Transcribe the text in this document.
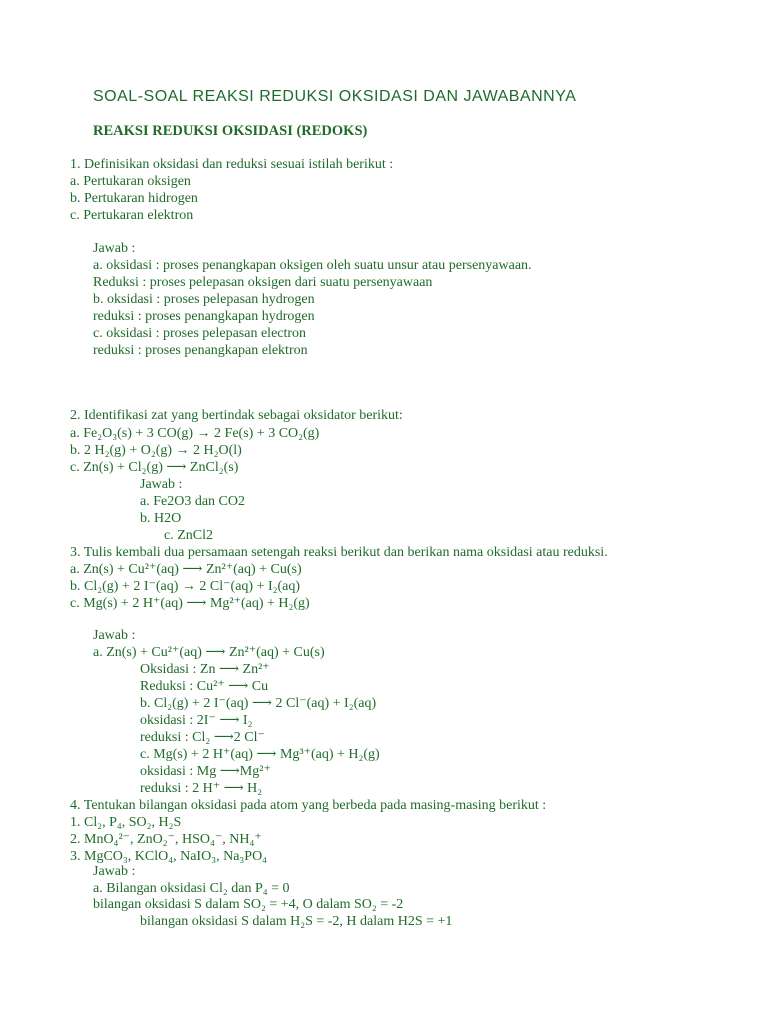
SOAL-SOAL REAKSI REDUKSI OKSIDASI DAN JAWABANNYA
REAKSI REDUKSI OKSIDASI (REDOKS)
1. Definisikan oksidasi dan reduksi sesuai istilah berikut :
a. Pertukaran oksigen
b. Pertukaran hidrogen
c. Pertukaran elektron
Jawab :
a. oksidasi : proses penangkapan oksigen oleh suatu unsur atau persenyawaan.
Reduksi : proses pelepasan oksigen dari suatu persenyawaan
b. oksidasi : proses pelepasan hydrogen
reduksi : proses penangkapan hydrogen
c. oksidasi : proses pelepasan electron
reduksi : proses penangkapan elektron
2. Identifikasi zat yang bertindak sebagai oksidator berikut:
a. Fe₂O₃(s) + 3 CO(g) → 2 Fe(s) + 3 CO₂(g)
b. 2 H₂(g) + O₂(g) → 2 H₂O(l)
c. Zn(s) + Cl₂(g) ⟶ ZnCl₂(s)
Jawab :
a. Fe2O3 dan CO2
b. H2O
c. ZnCl2
3. Tulis kembali dua persamaan setengah reaksi berikut dan berikan nama oksidasi atau reduksi.
a. Zn(s) + Cu²⁺(aq) ⟶ Zn²⁺(aq) + Cu(s)
b. Cl₂(g) + 2 I⁻(aq) → 2 Cl⁻(aq) + I₂(aq)
c. Mg(s) + 2 H⁺(aq) ⟶ Mg²⁺(aq) + H₂(g)
Jawab :
a. Zn(s) + Cu²⁺(aq) ⟶ Zn²⁺(aq) + Cu(s)
Oksidasi : Zn ⟶ Zn²⁺
Reduksi : Cu²⁺ ⟶ Cu
b. Cl₂(g) + 2 I⁻(aq) ⟶ 2 Cl⁻(aq) + I₂(aq)
oksidasi : 2I⁻ ⟶ I₂
reduksi : Cl₂ ⟶2 Cl⁻
c. Mg(s) + 2 H⁺(aq) ⟶ Mg³⁺(aq) + H₂(g)
oksidasi : Mg ⟶Mg²⁺
reduksi : 2 H⁺ ⟶ H₂
4. Tentukan bilangan oksidasi pada atom yang berbeda pada masing-masing berikut :
1. Cl₂, P₄, SO₂, H₂S
2. MnO₄²⁻, ZnO₂⁻, HSO₄⁻, NH₄⁺
3. MgCO₃, KClO₄, NaIO₃, Na₃PO₄
Jawab :
a. Bilangan oksidasi Cl₂ dan P₄ = 0
bilangan oksidasi S dalam SO₂ = +4, O dalam SO₂ = -2
bilangan oksidasi S dalam H₂S = -2, H dalam H2S = +1
